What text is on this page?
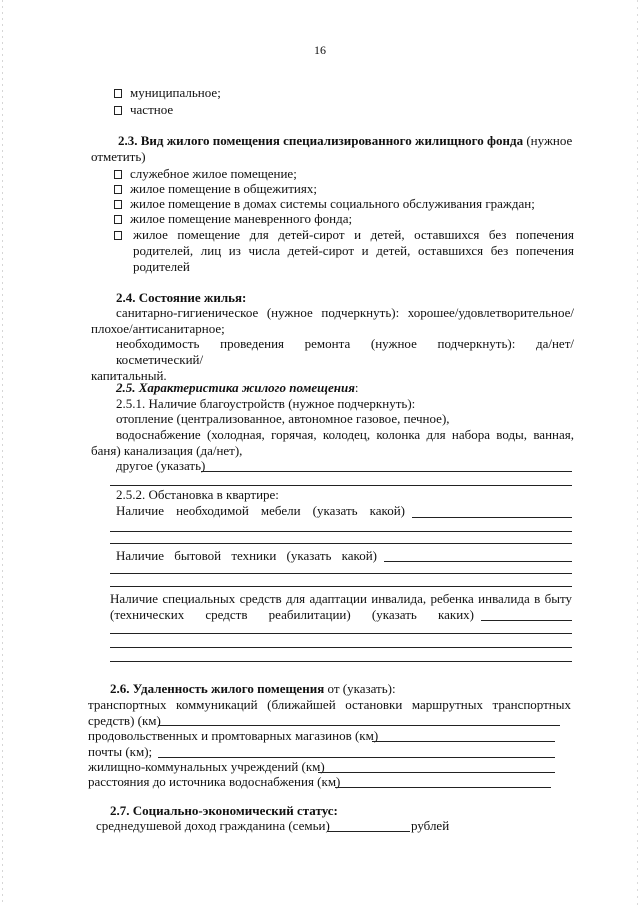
16
муниципальное;
частное
2.3. Вид жилого помещения специализированного жилищного фонда (нужное
отметить)
служебное жилое помещение;
жилое помещение в общежитиях;
жилое помещение в домах системы социального обслуживания граждан;
жилое помещение маневренного фонда;
жилое помещение для детей-сирот и детей, оставшихся без попечения
родителей, лиц из числа детей-сирот и детей, оставшихся без попечения
родителей
2.4. Состояние жилья:
санитарно-гигиеническое (нужное подчеркнуть): хорошее/удовлетворительное/
плохое/антисанитарное;
необходимость проведения ремонта (нужное подчеркнуть): да/нет/косметический/
капитальный.
2.5. Характеристика жилого помещения:
2.5.1. Наличие благоустройств (нужное подчеркнуть):
отопление (централизованное, автономное газовое, печное),
водоснабжение (холодная, горячая, колодец, колонка для набора воды, ванная,
баня) канализация (да/нет),
другое (указать)
2.5.2. Обстановка в квартире:
Наличие необходимой мебели (указать какой)
Наличие бытовой техники (указать какой)
Наличие специальных средств для адаптации инвалида, ребенка инвалида в быту
(технических средств реабилитации) (указать каких)
2.6. Удаленность жилого помещения от (указать):
транспортных коммуникаций (ближайшей остановки маршрутных транспортных
средств) (км)
продовольственных и промтоварных магазинов (км)
почты (км);
жилищно-коммунальных учреждений (км)
расстояния до источника водоснабжения (км)
2.7. Социально-экономический статус:
среднедушевой доход гражданина (семьи)	рублей
